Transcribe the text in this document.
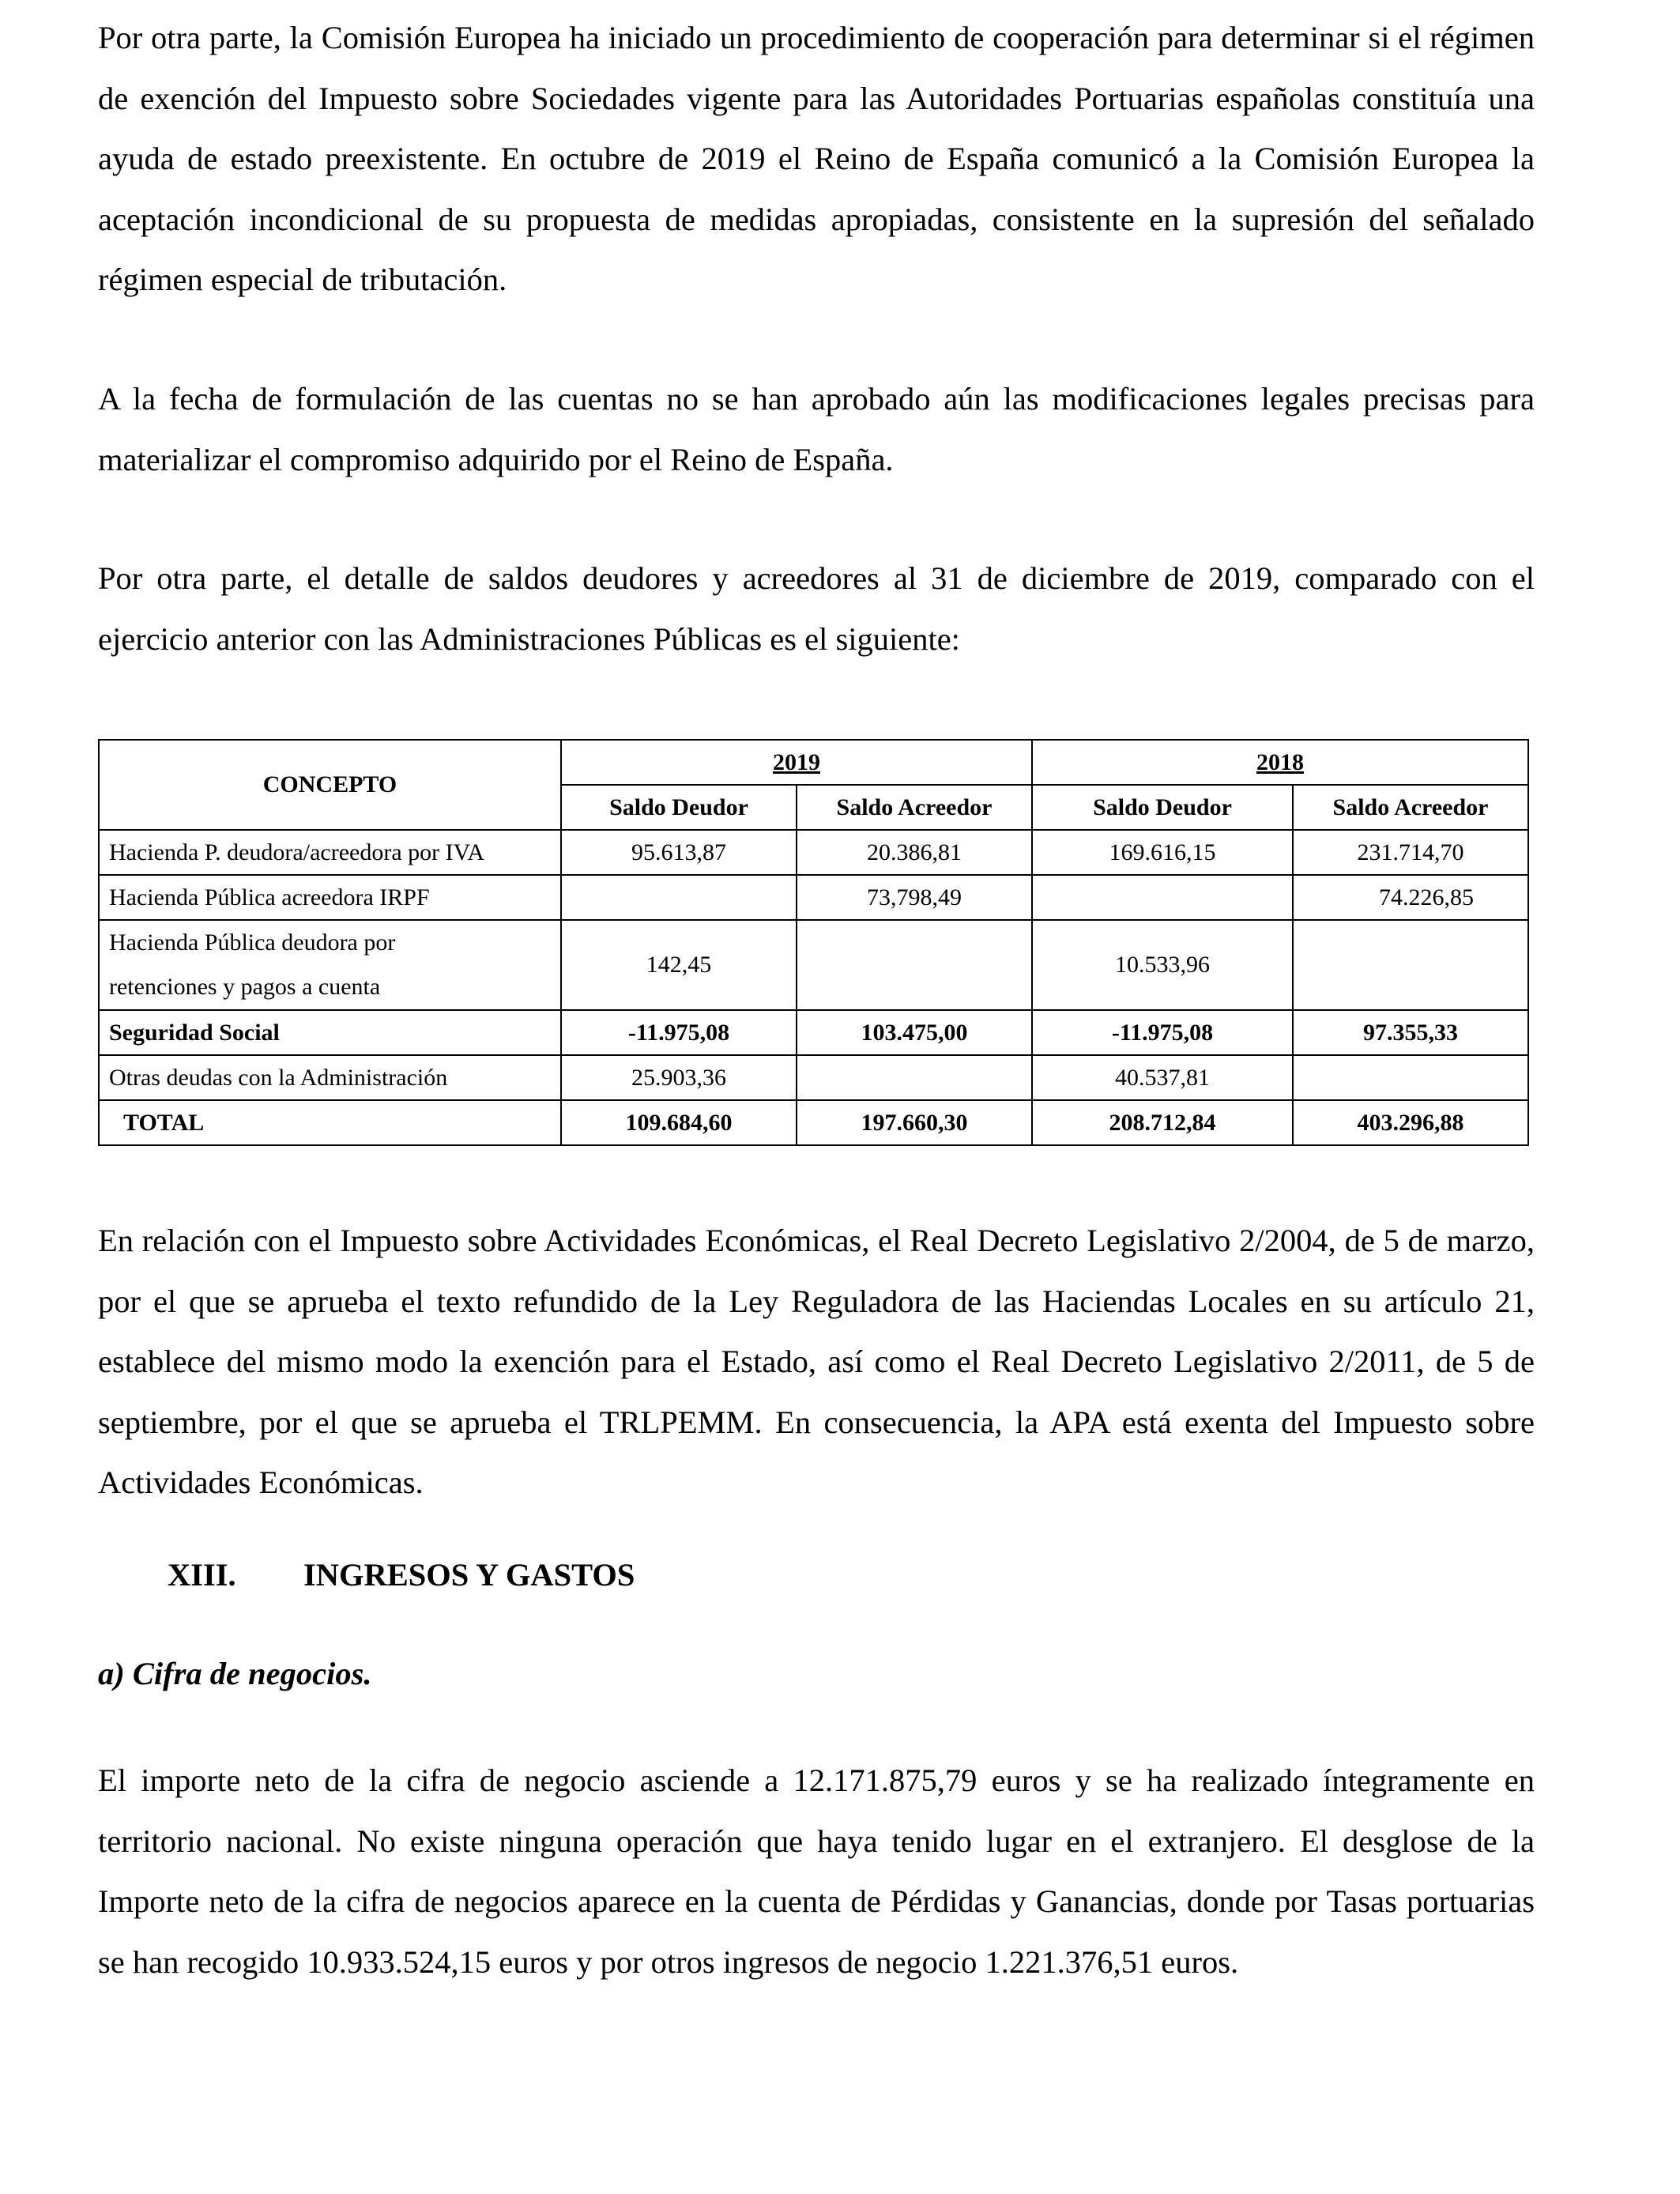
Por otra parte, la Comisión Europea ha iniciado un procedimiento de cooperación para determinar si el régimen de exención del Impuesto sobre Sociedades vigente para las Autoridades Portuarias españolas constituía una ayuda de estado preexistente. En octubre de 2019 el Reino de España comunicó a la Comisión Europea la aceptación incondicional de su propuesta de medidas apropiadas, consistente en la supresión del señalado régimen especial de tributación.

A la fecha de formulación de las cuentas no se han aprobado aún las modificaciones legales precisas para materializar el compromiso adquirido por el Reino de España.

Por otra parte, el detalle de saldos deudores y acreedores al 31 de diciembre de 2019, comparado con el ejercicio anterior con las Administraciones Públicas es el siguiente:

CONCEPTO	2019		2018	
	Saldo Deudor	Saldo Acreedor	Saldo Deudor	Saldo Acreedor
Hacienda P. deudora/acreedora por IVA	95.613,87	20.386,81	169.616,15	231.714,70
Hacienda Pública acreedora IRPF		73,798,49		74.226,85
Hacienda Pública deudora por
retenciones y pagos a cuenta	142,45		10.533,96	
Seguridad Social	-11.975,08	103.475,00	-11.975,08	97.355,33
Otras deudas con la Administración	25.903,36		40.537,81	
TOTAL	109.684,60	197.660,30	208.712,84	403.296,88

En relación con el Impuesto sobre Actividades Económicas, el Real Decreto Legislativo 2/2004, de 5 de marzo, por el que se aprueba el texto refundido de la Ley Reguladora de las Haciendas Locales en su artículo 21, establece del mismo modo la exención para el Estado, así como el Real Decreto Legislativo 2/2011, de 5 de septiembre, por el que se aprueba el TRLPEMM. En consecuencia, la APA está exenta del Impuesto sobre Actividades Económicas.

XIII. INGRESOS Y GASTOS
a) Cifra de negocios.

El importe neto de la cifra de negocio asciende a 12.171.875,79 euros y se ha realizado íntegramente en territorio nacional. No existe ninguna operación que haya tenido lugar en el extranjero. El desglose de la Importe neto de la cifra de negocios aparece en la cuenta de Pérdidas y Ganancias, donde por Tasas portuarias se han recogido 10.933.524,15 euros y por otros ingresos de negocio 1.221.376,51 euros.
